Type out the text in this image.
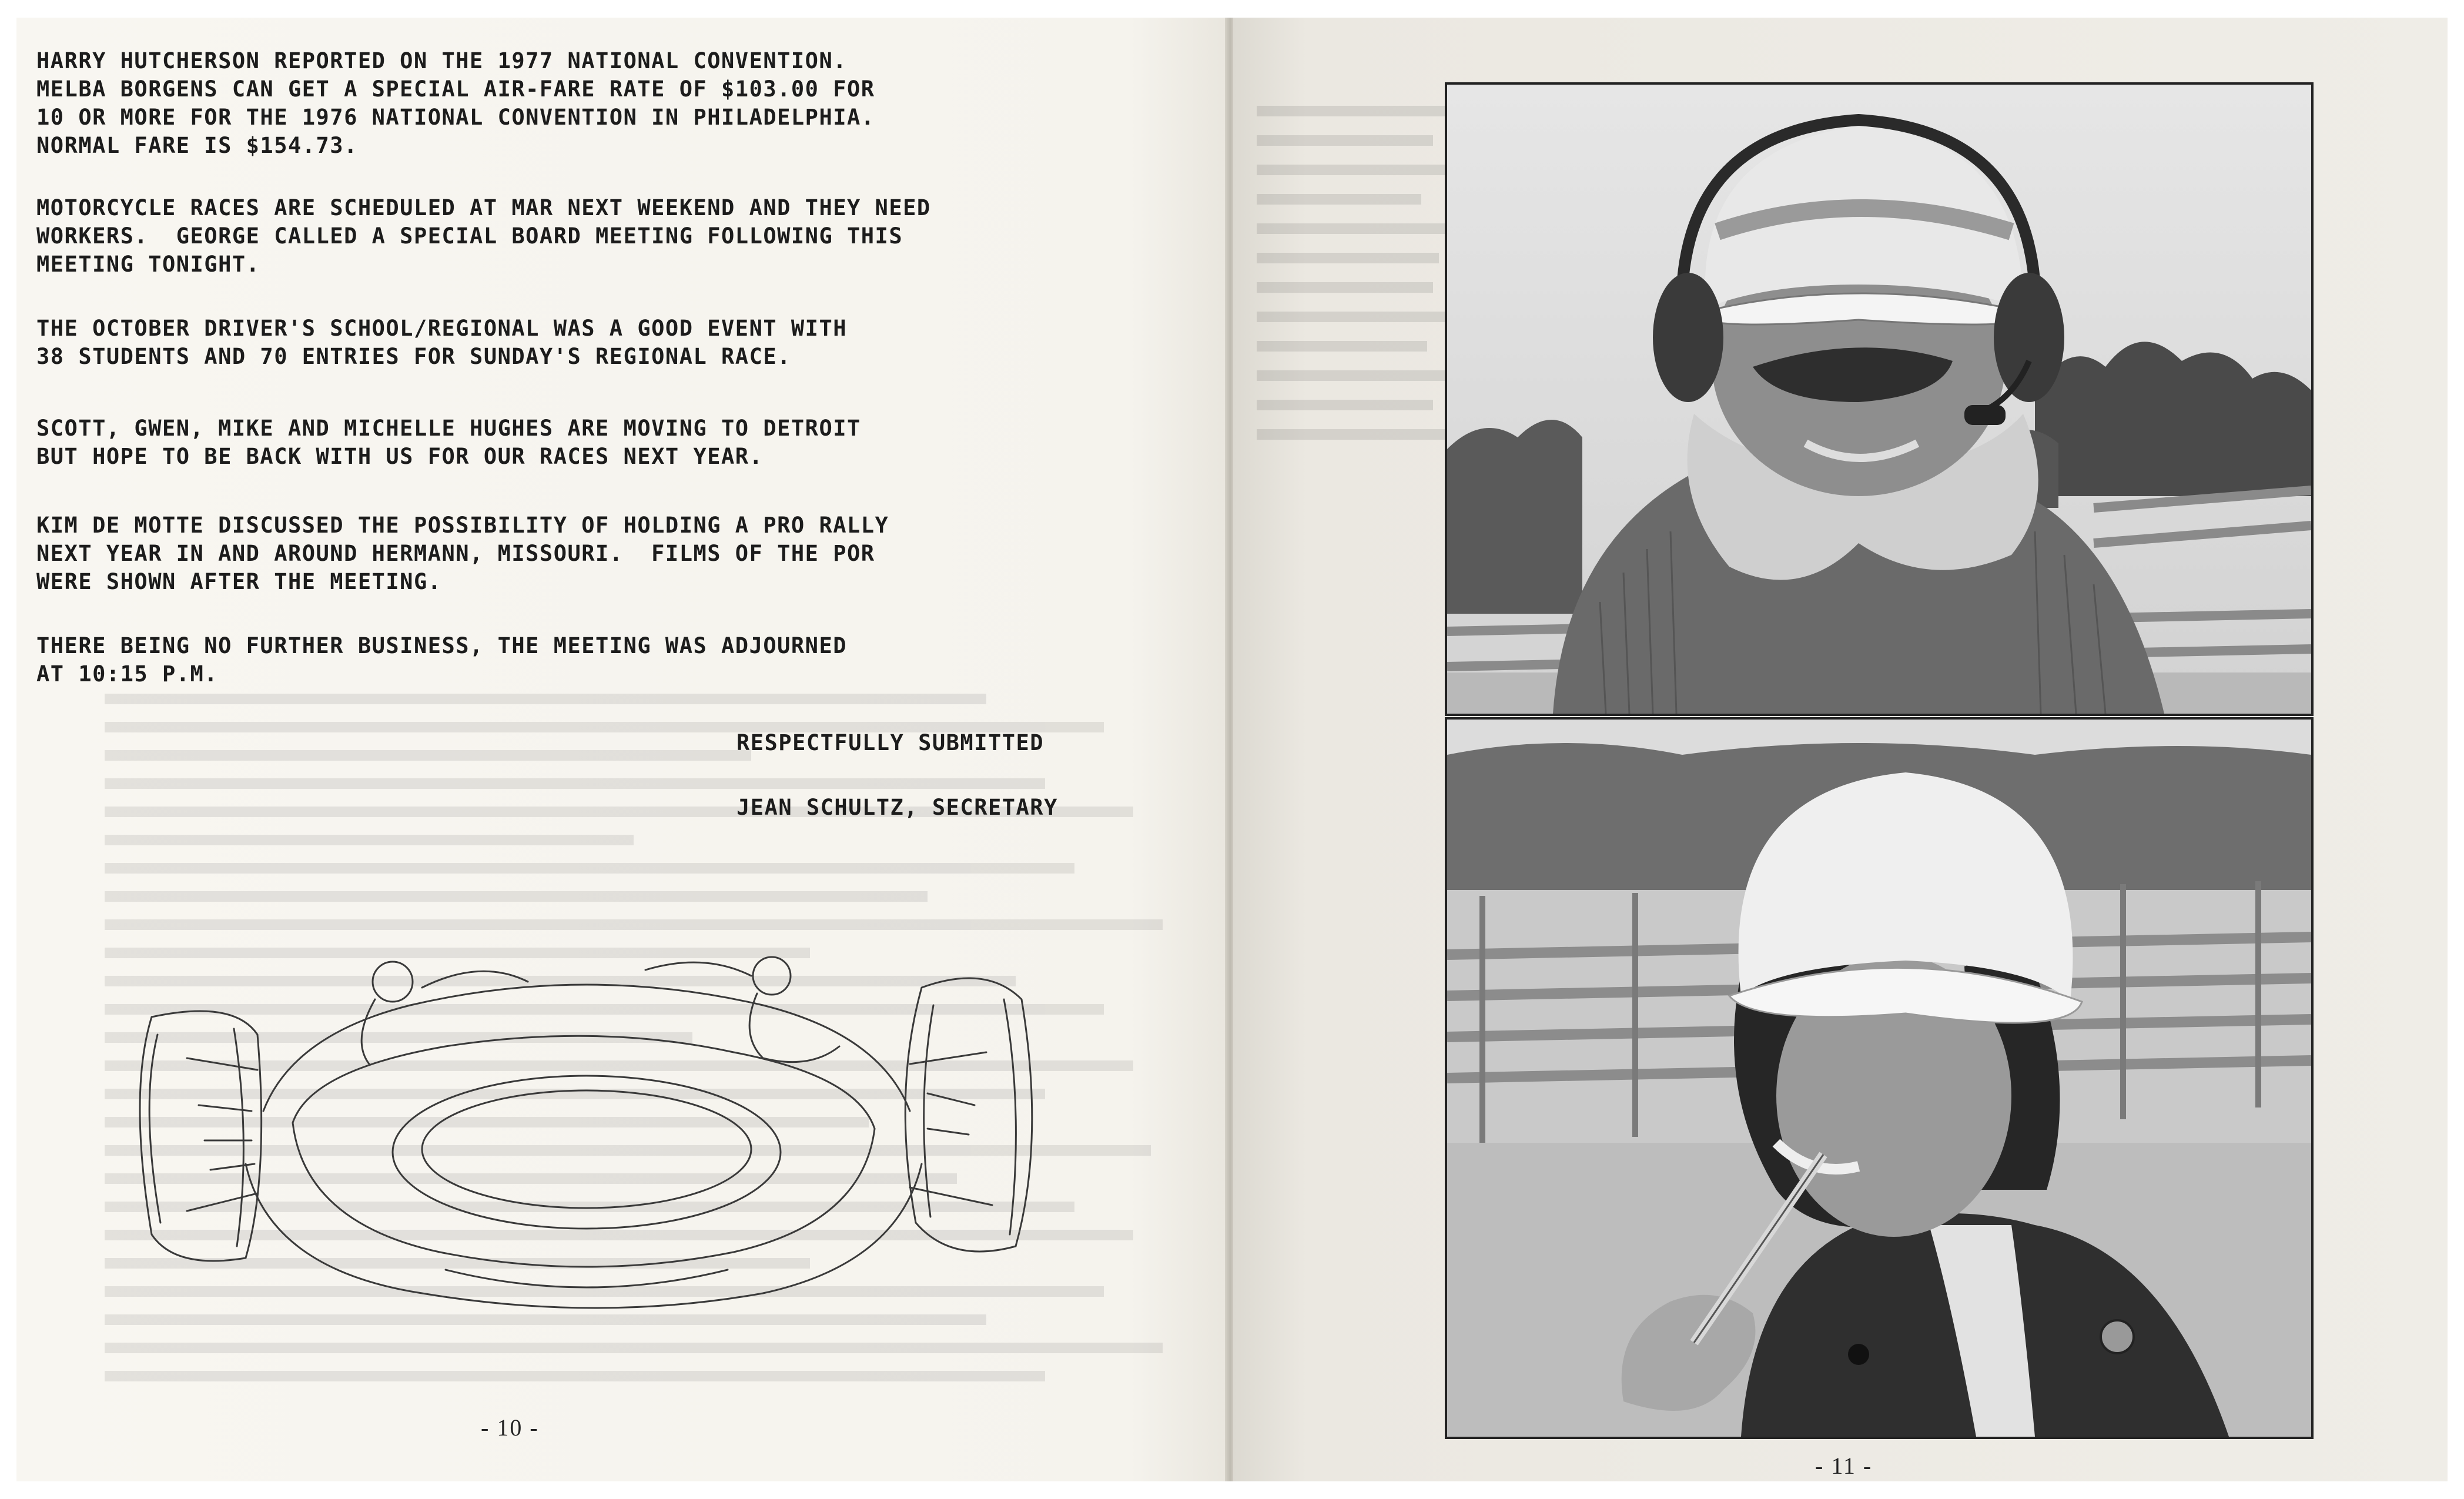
HARRY HUTCHERSON REPORTED ON THE 1977 NATIONAL CONVENTION.
MELBA BORGENS CAN GET A SPECIAL AIR-FARE RATE OF $103.00 FOR
10 OR MORE FOR THE 1976 NATIONAL CONVENTION IN PHILADELPHIA.
NORMAL FARE IS $154.73.
MOTORCYCLE RACES ARE SCHEDULED AT MAR NEXT WEEKEND AND THEY NEED
WORKERS.  GEORGE CALLED A SPECIAL BOARD MEETING FOLLOWING THIS
MEETING TONIGHT.
THE OCTOBER DRIVER'S SCHOOL/REGIONAL WAS A GOOD EVENT WITH
38 STUDENTS AND 70 ENTRIES FOR SUNDAY'S REGIONAL RACE.
SCOTT, GWEN, MIKE AND MICHELLE HUGHES ARE MOVING TO DETROIT
BUT HOPE TO BE BACK WITH US FOR OUR RACES NEXT YEAR.
KIM DE MOTTE DISCUSSED THE POSSIBILITY OF HOLDING A PRO RALLY
NEXT YEAR IN AND AROUND HERMANN, MISSOURI.  FILMS OF THE POR
WERE SHOWN AFTER THE MEETING.
THERE BEING NO FURTHER BUSINESS, THE MEETING WAS ADJOURNED
AT 10:15 P.M.
RESPECTFULLY SUBMITTED
JEAN SCHULTZ, SECRETARY
- 10 -
- 11 -
